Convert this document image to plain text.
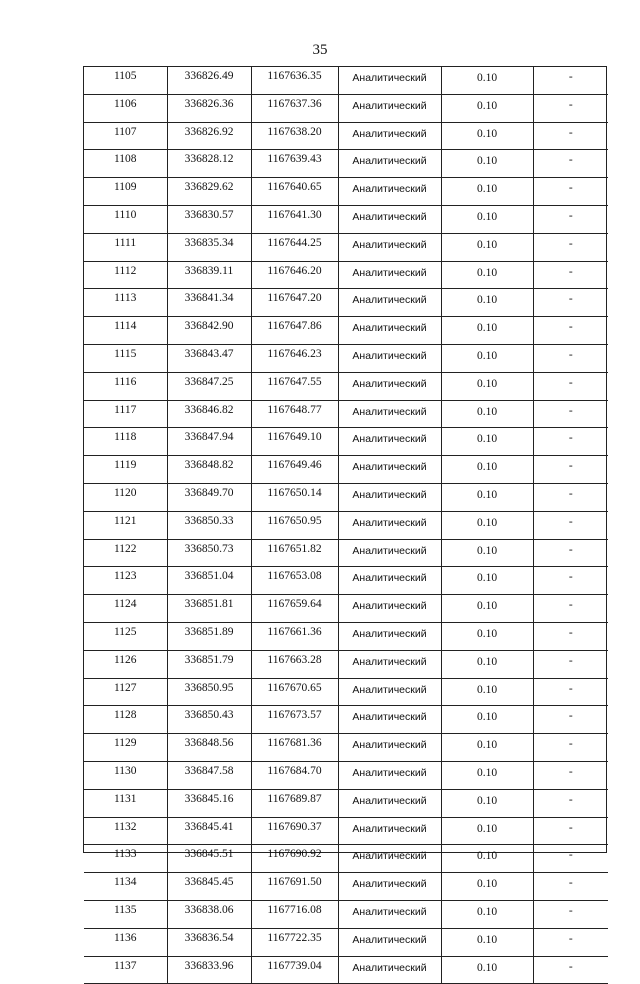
35
1105	336826.49	1167636.35	Аналитический	0.10	-
1106	336826.36	1167637.36	Аналитический	0.10	-
1107	336826.92	1167638.20	Аналитический	0.10	-
1108	336828.12	1167639.43	Аналитический	0.10	-
1109	336829.62	1167640.65	Аналитический	0.10	-
1110	336830.57	1167641.30	Аналитический	0.10	-
1111	336835.34	1167644.25	Аналитический	0.10	-
1112	336839.11	1167646.20	Аналитический	0.10	-
1113	336841.34	1167647.20	Аналитический	0.10	-
1114	336842.90	1167647.86	Аналитический	0.10	-
1115	336843.47	1167646.23	Аналитический	0.10	-
1116	336847.25	1167647.55	Аналитический	0.10	-
1117	336846.82	1167648.77	Аналитический	0.10	-
1118	336847.94	1167649.10	Аналитический	0.10	-
1119	336848.82	1167649.46	Аналитический	0.10	-
1120	336849.70	1167650.14	Аналитический	0.10	-
1121	336850.33	1167650.95	Аналитический	0.10	-
1122	336850.73	1167651.82	Аналитический	0.10	-
1123	336851.04	1167653.08	Аналитический	0.10	-
1124	336851.81	1167659.64	Аналитический	0.10	-
1125	336851.89	1167661.36	Аналитический	0.10	-
1126	336851.79	1167663.28	Аналитический	0.10	-
1127	336850.95	1167670.65	Аналитический	0.10	-
1128	336850.43	1167673.57	Аналитический	0.10	-
1129	336848.56	1167681.36	Аналитический	0.10	-
1130	336847.58	1167684.70	Аналитический	0.10	-
1131	336845.16	1167689.87	Аналитический	0.10	-
1132	336845.41	1167690.37	Аналитический	0.10	-
1133	336845.51	1167690.92	Аналитический	0.10	-
1134	336845.45	1167691.50	Аналитический	0.10	-
1135	336838.06	1167716.08	Аналитический	0.10	-
1136	336836.54	1167722.35	Аналитический	0.10	-
1137	336833.96	1167739.04	Аналитический	0.10	-
